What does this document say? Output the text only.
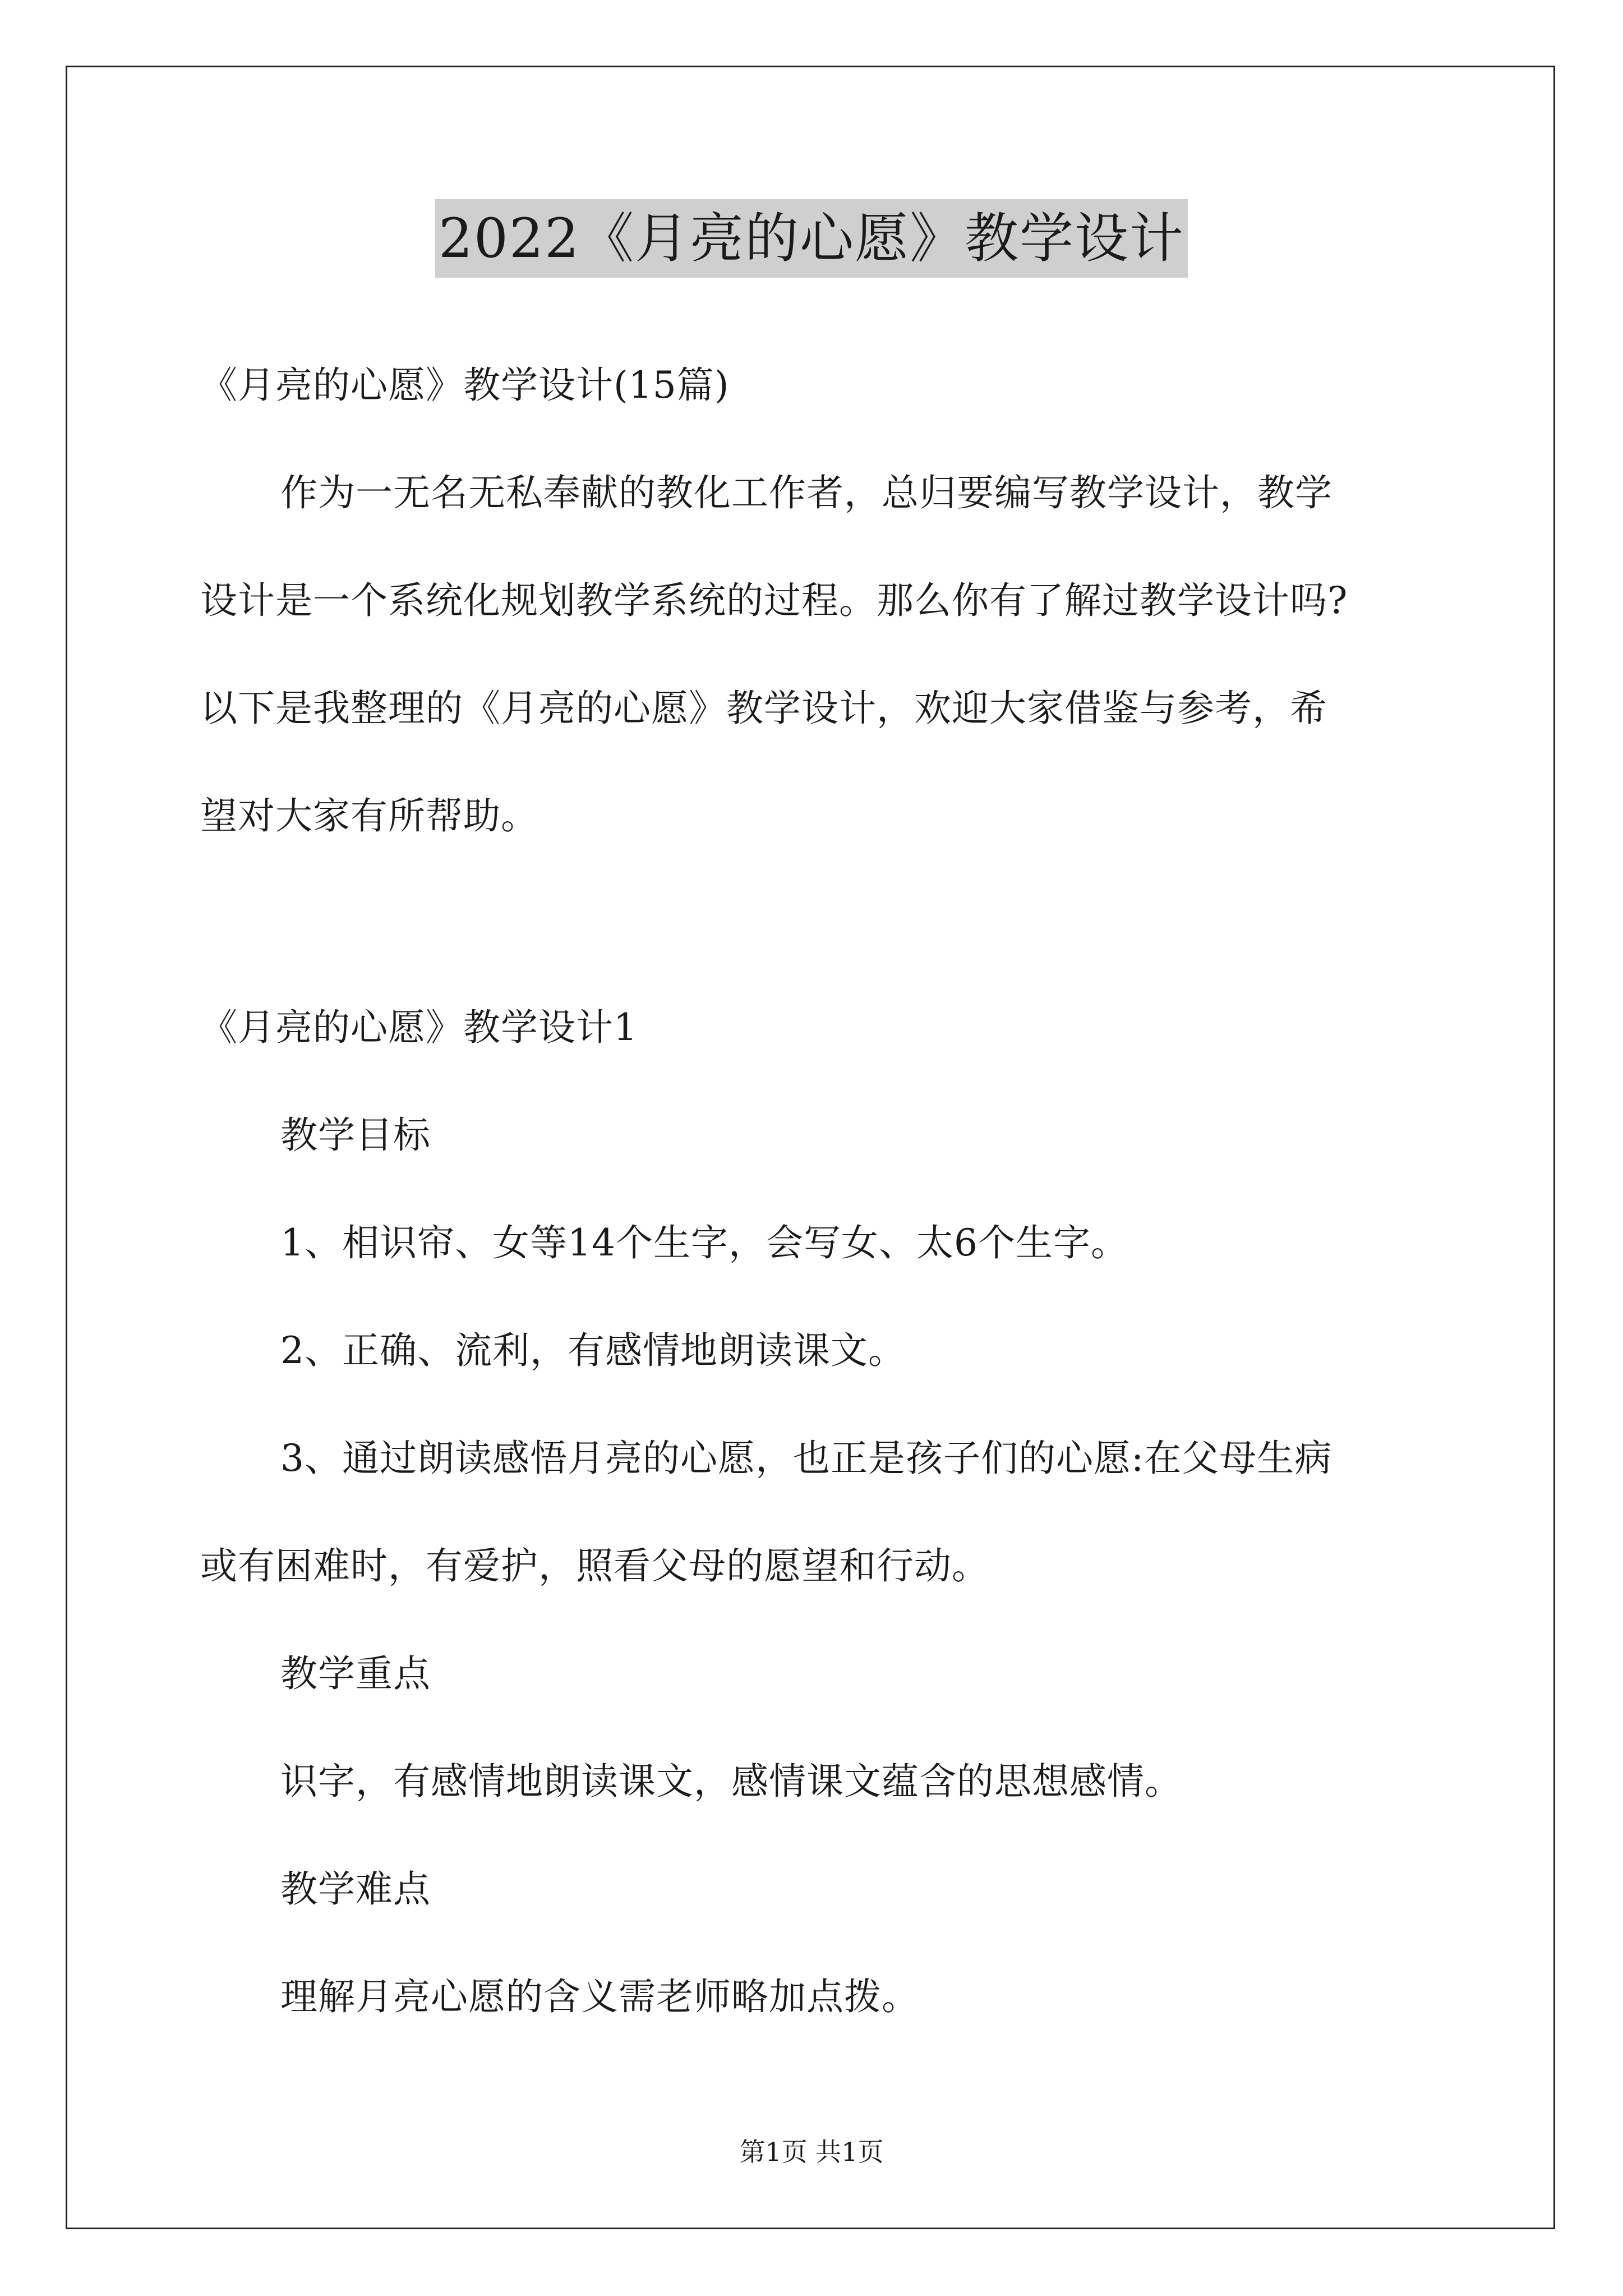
2022《月亮的心愿》教学设计
《月亮的心愿》教学设计(15篇)
作为一无名无私奉献的教化工作者，总归要编写教学设计，教学
设计是一个系统化规划教学系统的过程。那么你有了解过教学设计吗?
以下是我整理的《月亮的心愿》教学设计，欢迎大家借鉴与参考，希
望对大家有所帮助。
《月亮的心愿》教学设计1
教学目标
1、相识帘、女等14个生字，会写女、太6个生字。
2、正确、流利，有感情地朗读课文。
3、通过朗读感悟月亮的心愿，也正是孩子们的心愿:在父母生病
或有困难时，有爱护，照看父母的愿望和行动。
教学重点
识字，有感情地朗读课文，感情课文蕴含的思想感情。
教学难点
理解月亮心愿的含义需老师略加点拨。
第1页 共1页
